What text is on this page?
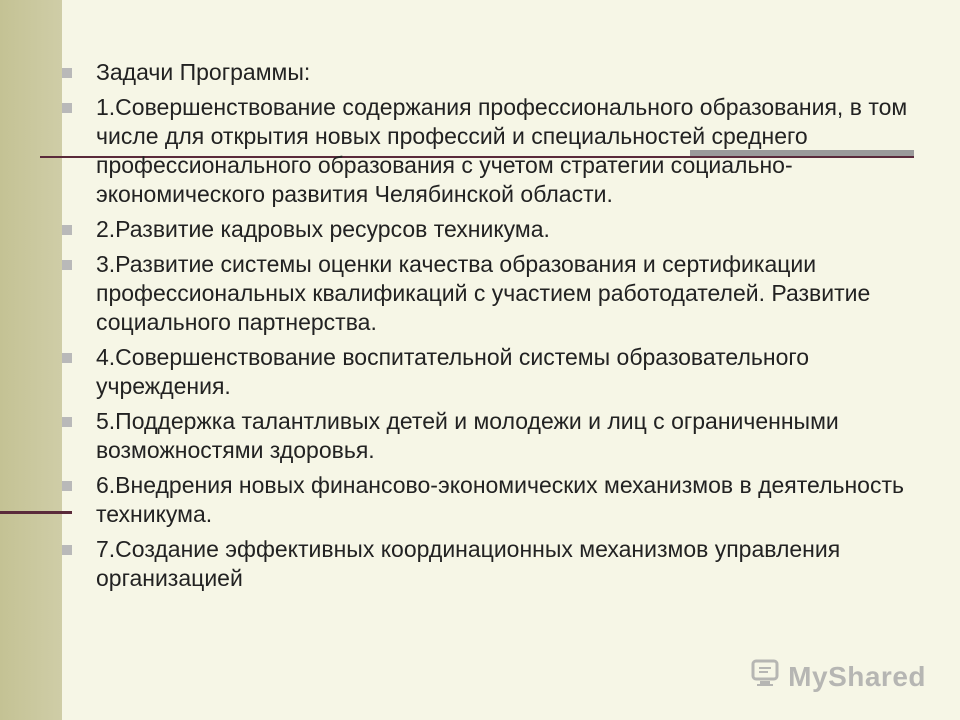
Задачи Программы:
1.Совершенствование содержания профессионального образования, в том числе для открытия новых профессий и специальностей среднего профессионального образования с учетом стратегии социально-экономического развития Челябинской области.
2.Развитие кадровых ресурсов техникума.
3.Развитие системы оценки качества образования и сертификации профессиональных квалификаций с участием работодателей. Развитие социального партнерства.
4.Совершенствование воспитательной системы образовательного учреждения.
5.Поддержка талантливых детей и молодежи и лиц с ограниченными возможностями здоровья.
6.Внедрения новых финансово-экономических механизмов в деятельность техникума.
7.Создание эффективных координационных механизмов управления организацией
MyShared
